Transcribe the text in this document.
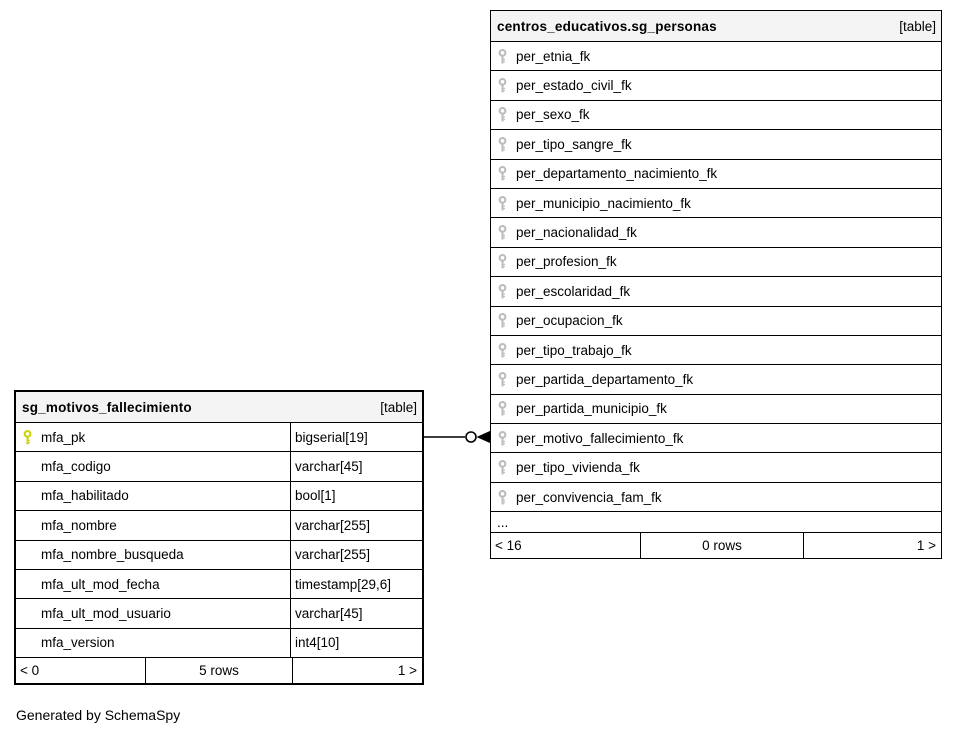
sg_motivos_fallecimiento	[table]
mfa_pk	bigserial[19]
mfa_codigo	varchar[45]
mfa_habilitado	bool[1]
mfa_nombre	varchar[255]
mfa_nombre_busqueda	varchar[255]
mfa_ult_mod_fecha	timestamp[29,6]
mfa_ult_mod_usuario	varchar[45]
mfa_version	int4[10]
< 0	5 rows	1 >
centros_educativos.sg_personas	[table]
per_etnia_fk
per_estado_civil_fk
per_sexo_fk
per_tipo_sangre_fk
per_departamento_nacimiento_fk
per_municipio_nacimiento_fk
per_nacionalidad_fk
per_profesion_fk
per_escolaridad_fk
per_ocupacion_fk
per_tipo_trabajo_fk
per_partida_departamento_fk
per_partida_municipio_fk
per_motivo_fallecimiento_fk
per_tipo_vivienda_fk
per_convivencia_fam_fk
...
< 16	0 rows	1 >
Generated by SchemaSpy
